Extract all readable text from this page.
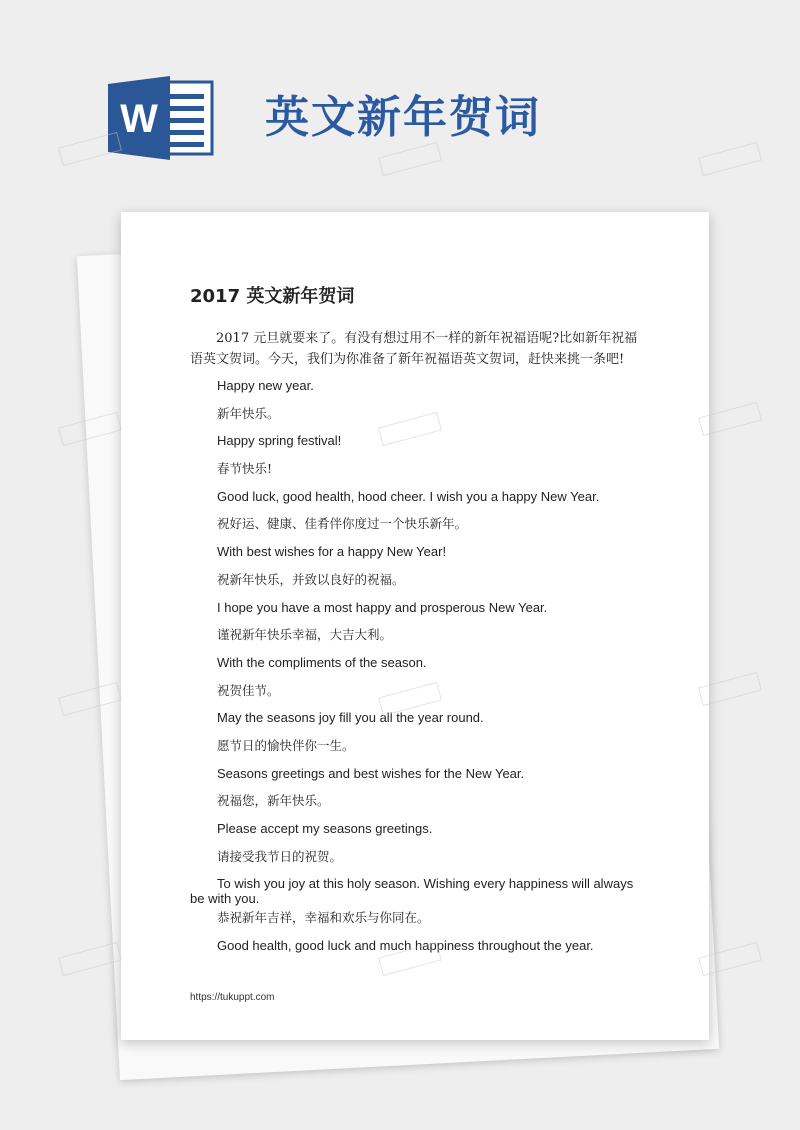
W 英文新年贺词
2017 英文新年贺词

2017 元旦就要来了。有没有想过用不一样的新年祝福语呢?比如新年祝福语英文贺词。今天，我们为你准备了新年祝福语英文贺词，赶快来挑一条吧!

Happy new year.
新年快乐。
Happy spring festival!
春节快乐!
Good luck, good health, hood cheer. I wish you a happy New Year.
祝好运、健康、佳肴伴你度过一个快乐新年。
With best wishes for a happy New Year!
祝新年快乐，并致以良好的祝福。
I hope you have a most happy and prosperous New Year.
谨祝新年快乐幸福，大吉大利。
With the compliments of the season.
祝贺佳节。
May the seasons joy fill you all the year round.
愿节日的愉快伴你一生。
Seasons greetings and best wishes for the New Year.
祝福您，新年快乐。
Please accept my seasons greetings.
请接受我节日的祝贺。
To wish you joy at this holy season. Wishing every happiness will always be with you.
恭祝新年吉祥，幸福和欢乐与你同在。
Good health, good luck and much happiness throughout the year.
https://tukuppt.com
